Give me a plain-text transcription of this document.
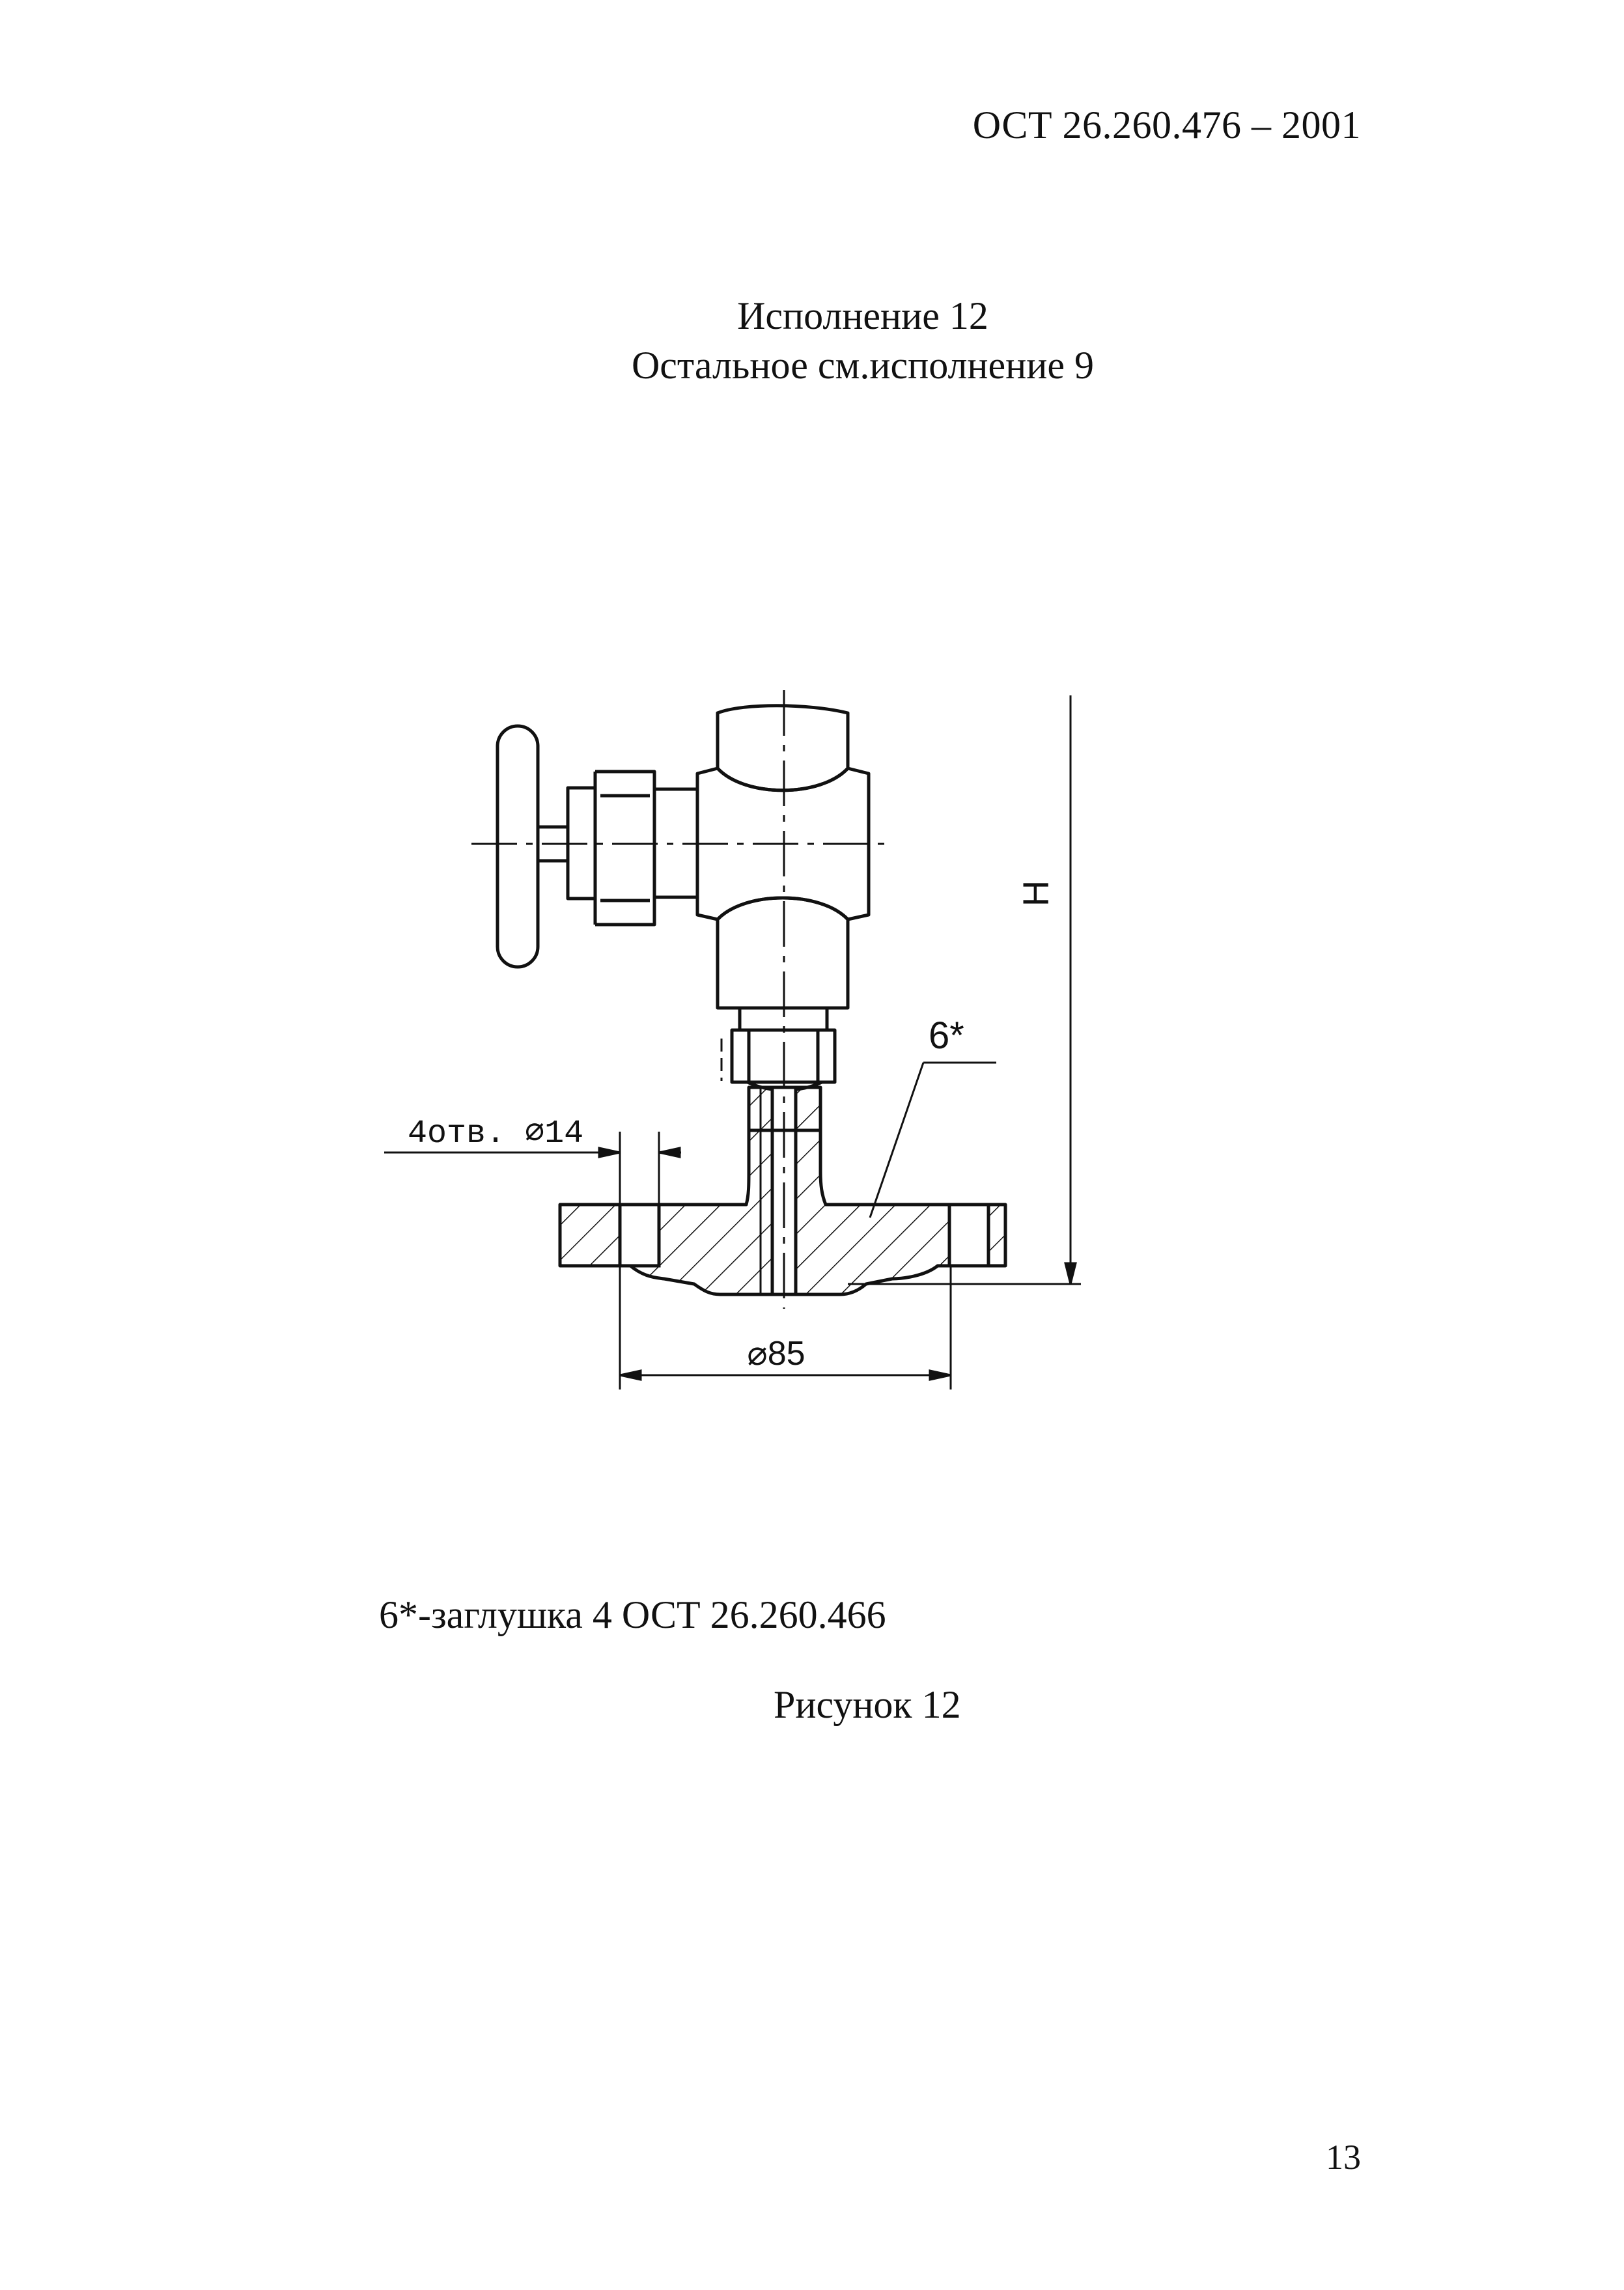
ОСТ 26.260.476 – 2001
Исполнение 12
Остальное см.исполнение 9
H
6*
4отв. ⌀14
⌀85
6*-заглушка 4 ОСТ 26.260.466
Рисунок 12
13
